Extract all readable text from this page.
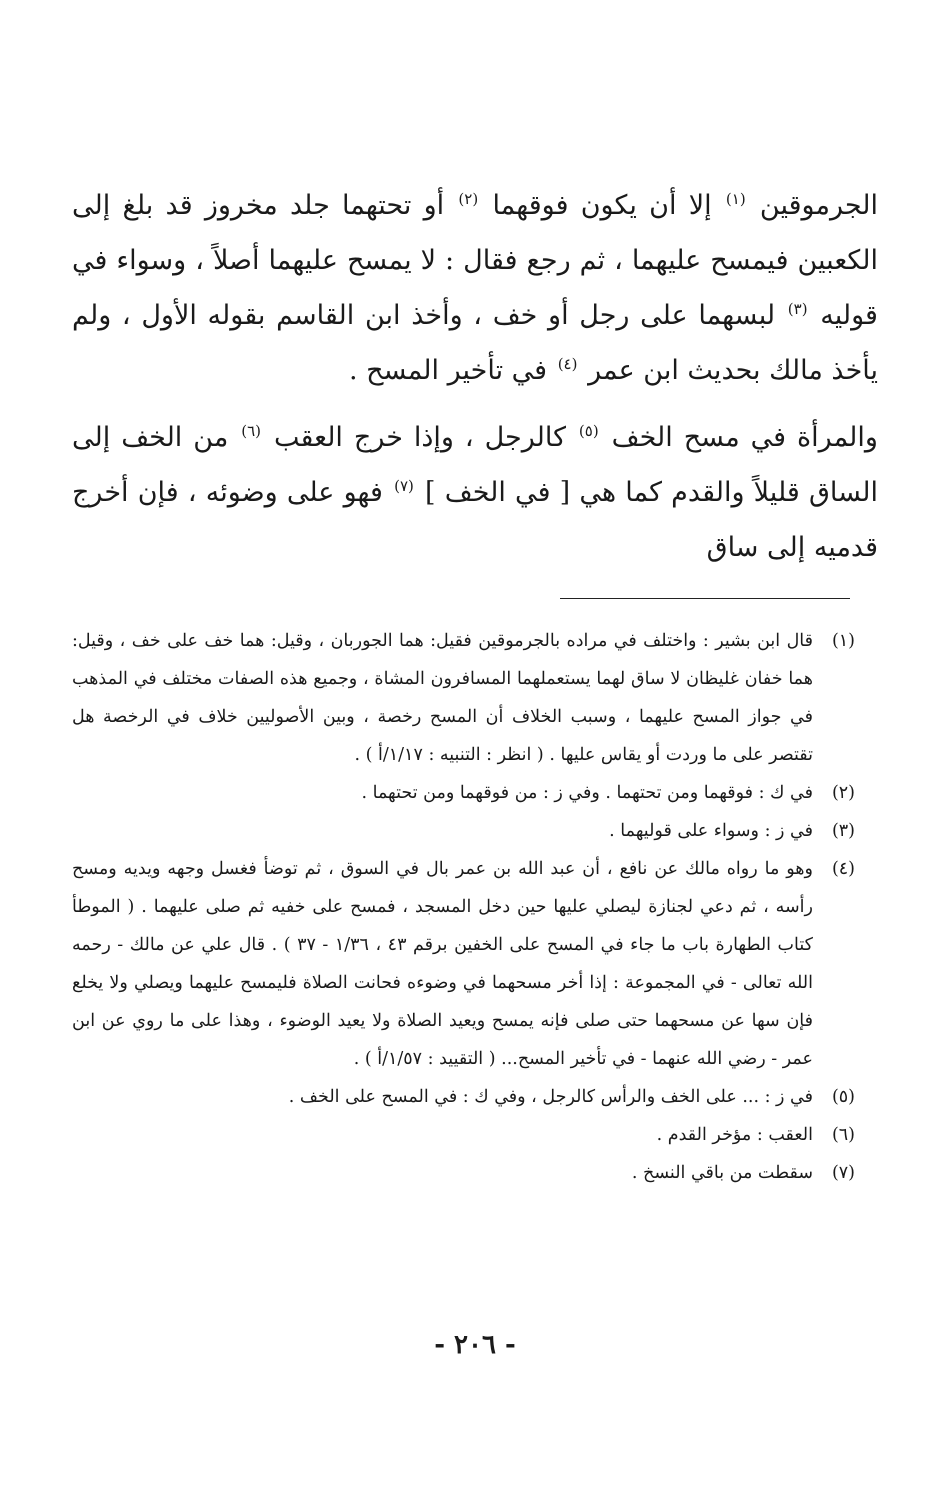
الجرموقين $^{(١)}$ إلا أن يكون فوقهما $^{(٢)}$ أو تحتهما جلد مخروز قد بلغ إلى الكعبين فيمسح عليهما ، ثم رجع فقال : لا يمسح عليهما أصلاً ، وسواء في قوليه $^{(٣)}$ لبسهما على رجل أو خف ، وأخذ ابن القاسم بقوله الأول ، ولم يأخذ مالك بحديث ابن عمر $^{(٤)}$ في تأخير المسح .

والمرأة في مسح الخف $^{(٥)}$ كالرجل ، وإذا خرج العقب $^{(٦)}$ من الخف إلى الساق قليلاً والقدم كما هي [ في الخف ] $^{(٧)}$ فهو على وضوئه ، فإن أخرج قدميه إلى ساق

(١)
قال ابن بشير : واختلف في مراده بالجرموقين فقيل: هما الجوربان ، وقيل: هما خف على خف ، وقيل: هما خفان غليظان لا ساق لهما يستعملهما المسافرون المشاة ، وجميع هذه الصفات مختلف في المذهب في جواز المسح عليهما ، وسبب الخلاف أن المسح رخصة ، وبين الأصوليين خلاف في الرخصة هل تقتصر على ما وردت أو يقاس عليها . ( انظر : التنبيه : ١/١٧/أ ) .
(٢)
في ك : فوقهما ومن تحتهما . وفي ز : من فوقهما ومن تحتهما .
(٣)
في ز : وسواء على قوليهما .
(٤)
وهو ما رواه مالك عن نافع ، أن عبد الله بن عمر بال في السوق ، ثم توضأ فغسل وجهه ويديه ومسح رأسه ، ثم دعي لجنازة ليصلي عليها حين دخل المسجد ، فمسح على خفيه ثم صلى عليهما . ( الموطأ كتاب الطهارة باب ما جاء في المسح على الخفين برقم ٤٣ ، ١/٣٦ - ٣٧ ) . قال علي عن مالك - رحمه الله تعالى - في المجموعة : إذا أخر مسحهما في وضوءه فحانت الصلاة فليمسح عليهما ويصلي ولا يخلع فإن سها عن مسحهما حتى صلى فإنه يمسح ويعيد الصلاة ولا يعيد الوضوء ، وهذا على ما روي عن ابن عمر - رضي الله عنهما - في تأخير المسح... ( التقييد : ١/٥٧/أ ) .
(٥)
في ز : ... على الخف والرأس كالرجل ، وفي ك : في المسح على الخف .
(٦)
العقب : مؤخر القدم .
(٧)
سقطت من باقي النسخ .
- ٢٠٦ -
